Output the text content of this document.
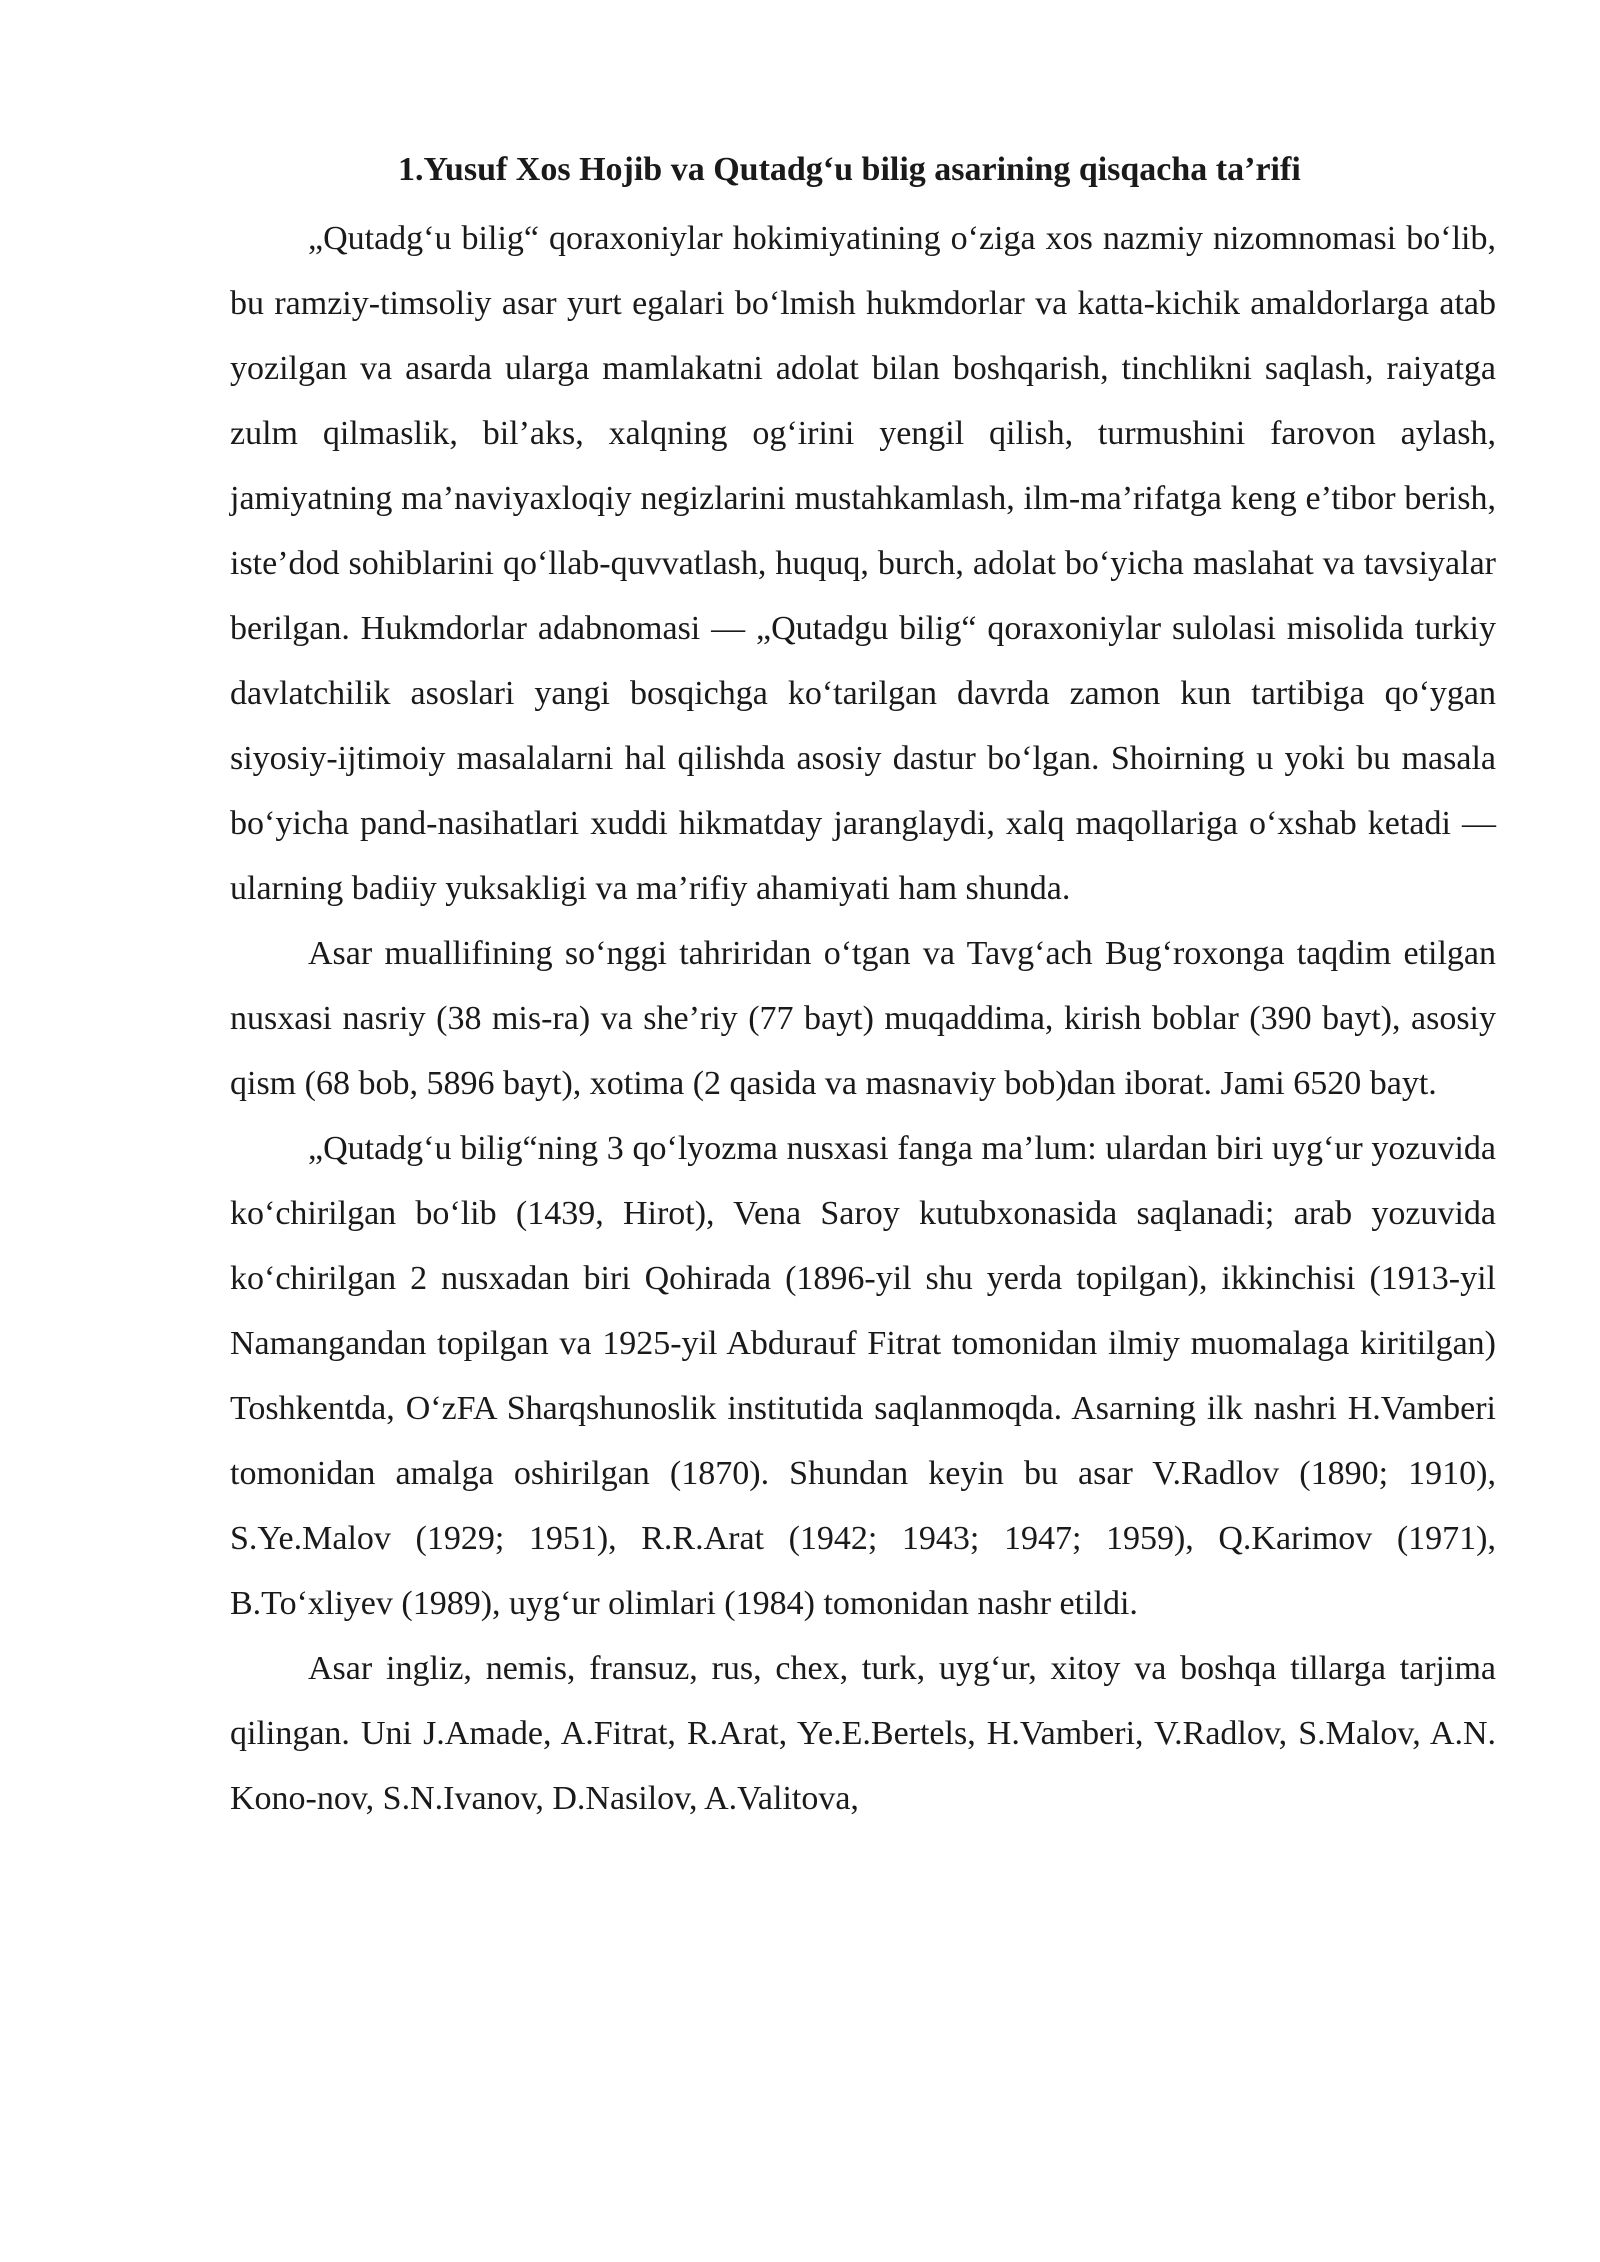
1.Yusuf Xos Hojib va Qutadg‘u bilig asarining qisqacha ta’rifi

„Qutadg‘u bilig“ qoraxoniylar hokimiyatining o‘ziga xos nazmiy nizomnomasi bo‘lib, bu ramziy-timsoliy asar yurt egalari bo‘lmish hukmdorlar va katta-kichik amaldorlarga atab yozilgan va asarda ularga mamlakatni adolat bilan boshqarish, tinchlikni saqlash, raiyatga zulm qilmaslik, bil’aks, xalqning og‘irini yengil qilish, turmushini farovon aylash, jamiyatning ma’naviyaxloqiy negizlarini mustahkamlash, ilm-ma’rifatga keng e’tibor berish, iste’dod sohiblarini qo‘llab-quvvatlash, huquq, burch, adolat bo‘yicha maslahat va tavsiyalar berilgan. Hukmdorlar adabnomasi — „Qutadgu bilig“ qoraxoniylar sulolasi misolida turkiy davlatchilik asoslari yangi bosqichga ko‘tarilgan davrda zamon kun tartibiga qo‘ygan siyosiy-ijtimoiy masalalarni hal qilishda asosiy dastur bo‘lgan. Shoirning u yoki bu masala bo‘yicha pand-nasihatlari xuddi hikmatday jaranglaydi, xalq maqollariga o‘xshab ketadi — ularning badiiy yuksakligi va ma’rifiy ahamiyati ham shunda.

Asar muallifining so‘nggi tahriridan o‘tgan va Tavg‘ach Bug‘roxonga taqdim etilgan nusxasi nasriy (38 mis-ra) va she’riy (77 bayt) muqaddima, kirish boblar (390 bayt), asosiy qism (68 bob, 5896 bayt), xotima (2 qasida va masnaviy bob)dan iborat. Jami 6520 bayt.

„Qutadg‘u bilig“ning 3 qo‘lyozma nusxasi fanga ma’lum: ulardan biri uyg‘ur yozuvida ko‘chirilgan bo‘lib (1439, Hirot), Vena Saroy kutubxonasida saqlanadi; arab yozuvida ko‘chirilgan 2 nusxadan biri Qohirada (1896-yil shu yerda topilgan), ikkinchisi (1913-yil Namangandan topilgan va 1925-yil Abdurauf Fitrat tomonidan ilmiy muomalaga kiritilgan) Toshkentda, O‘zFA Sharqshunoslik institutida saqlanmoqda. Asarning ilk nashri H.Vamberi tomonidan amalga oshirilgan (1870). Shundan keyin bu asar V.Radlov (1890; 1910), S.Ye.Malov (1929; 1951), R.R.Arat (1942; 1943; 1947; 1959), Q.Karimov (1971), B.To‘xliyev (1989), uyg‘ur olimlari (1984) tomonidan nashr etildi.

Asar ingliz, nemis, fransuz, rus, chex, turk, uyg‘ur, xitoy va boshqa tillarga tarjima qilingan. Uni J.Amade, A.Fitrat, R.Arat, Ye.E.Bertels, H.Vamberi, V.Radlov, S.Malov, A.N. Kono-nov, S.N.Ivanov, D.Nasilov, A.Valitova,
